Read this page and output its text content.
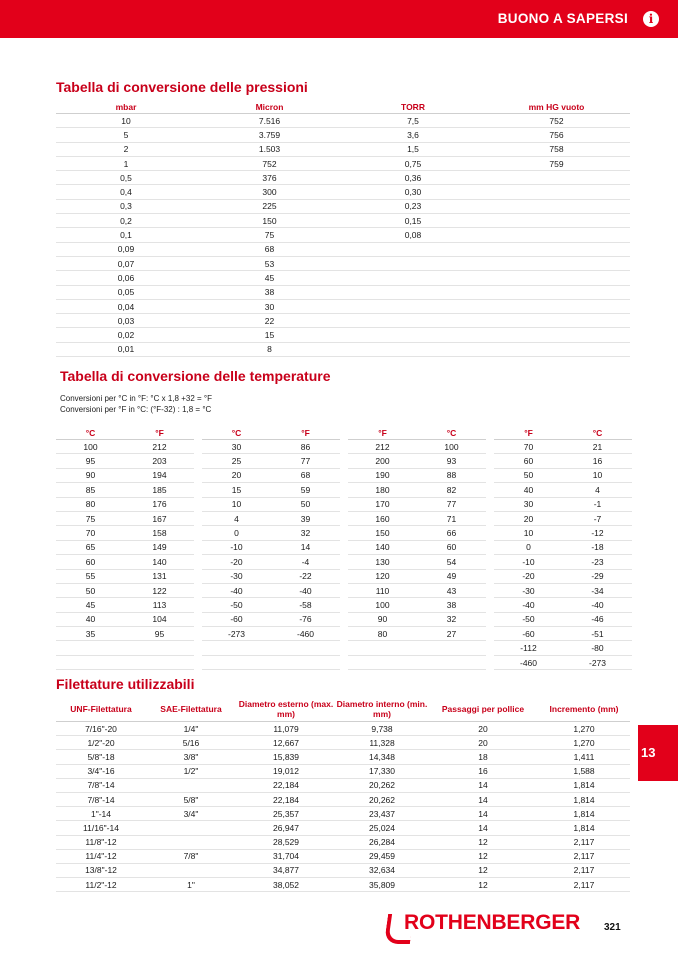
BUONO A SAPERSI	i
Tabella di conversione delle pressioni
mbar	Micron	TORR	mm HG vuoto
10	7.516	7,5	752
5	3.759	3,6	756
2	1.503	1,5	758
1	752	0,75	759
0,5	376	0,36	
0,4	300	0,30	
0,3	225	0,23	
0,2	150	0,15	
0,1	75	0,08	
0,09	68		
0,07	53		
0,06	45		
0,05	38		
0,04	30		
0,03	22		
0,02	15		
0,01	8		
Tabella di conversione delle temperature
Conversioni per °C in °F: °C x 1,8 +32 = °F
Conversioni per °F in °C: (°F-32) : 1,8 = °C
°C	°F
100	212
95	203
90	194
85	185
80	176
75	167
70	158
65	149
60	140
55	131
50	122
45	113
40	104
35	95

°C	°F
30	86
25	77
20	68
15	59
10	50
4	39
0	32
-10	14
-20	-4
-30	-22
-40	-40
-50	-58
-60	-76
-273	-460

°F	°C
212	100
200	93
190	88
180	82
170	77
160	71
150	66
140	60
130	54
120	49
110	43
100	38
90	32
80	27

°F	°C
70	21
60	16
50	10
40	4
30	-1
20	-7
10	-12
0	-18
-10	-23
-20	-29
-30	-34
-40	-40
-50	-46
-60	-51
-112	-80
-460	-273
Filettature utilizzabili
UNF-Filettatura	SAE-Filettatura	Diametro esterno (max. mm)	Diametro interno (min. mm)	Passaggi per pollice	Incremento (mm)
7/16"-20	1/4"	11,079	9,738	20	1,270
1/2"-20	5/16	12,667	11,328	20	1,270
5/8"-18	3/8"	15,839	14,348	18	1,411
3/4"-16	1/2"	19,012	17,330	16	1,588
7/8"-14		22,184	20,262	14	1,814
7/8"-14	5/8"	22,184	20,262	14	1,814
1"-14	3/4"	25,357	23,437	14	1,814
11/16"-14		26,947	25,024	14	1,814
11/8"-12		28,529	26,284	12	2,117
11/4"-12	7/8"	31,704	29,459	12	2,117
13/8"-12		34,877	32,634	12	2,117
11/2"-12	1"	38,052	35,809	12	2,117
13
ROTHENBERGER 321
